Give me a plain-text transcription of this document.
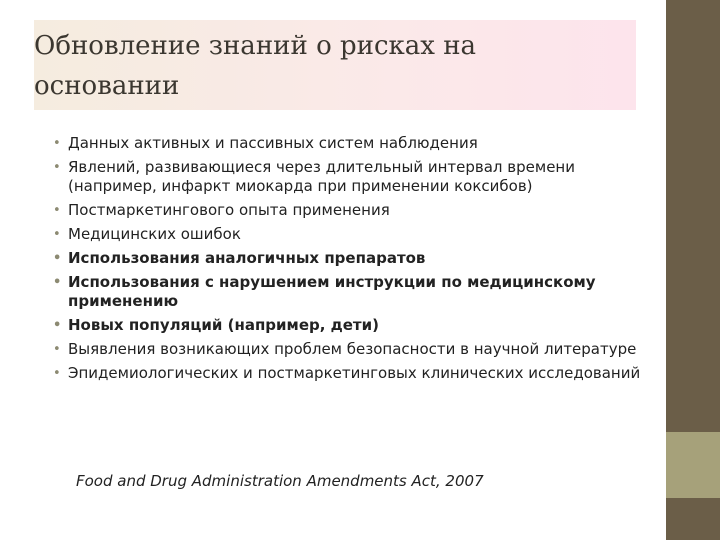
Обновление знаний о рисках на
основании
• Данных активных и пассивных систем наблюдения
• Явлений, развивающиеся через длительный интервал времени (например, инфаркт миокарда при применении коксибов)
• Постмаркетингового опыта применения
• Медицинских ошибок
• Использования аналогичных препаратов
• Использования с нарушением инструкции по медицинскому применению
• Новых популяций (например, дети)
• Выявления возникающих проблем безопасности в научной литературе
• Эпидемиологических и постмаркетинговых клинических исследований
Food and Drug Administration Amendments Act, 2007
